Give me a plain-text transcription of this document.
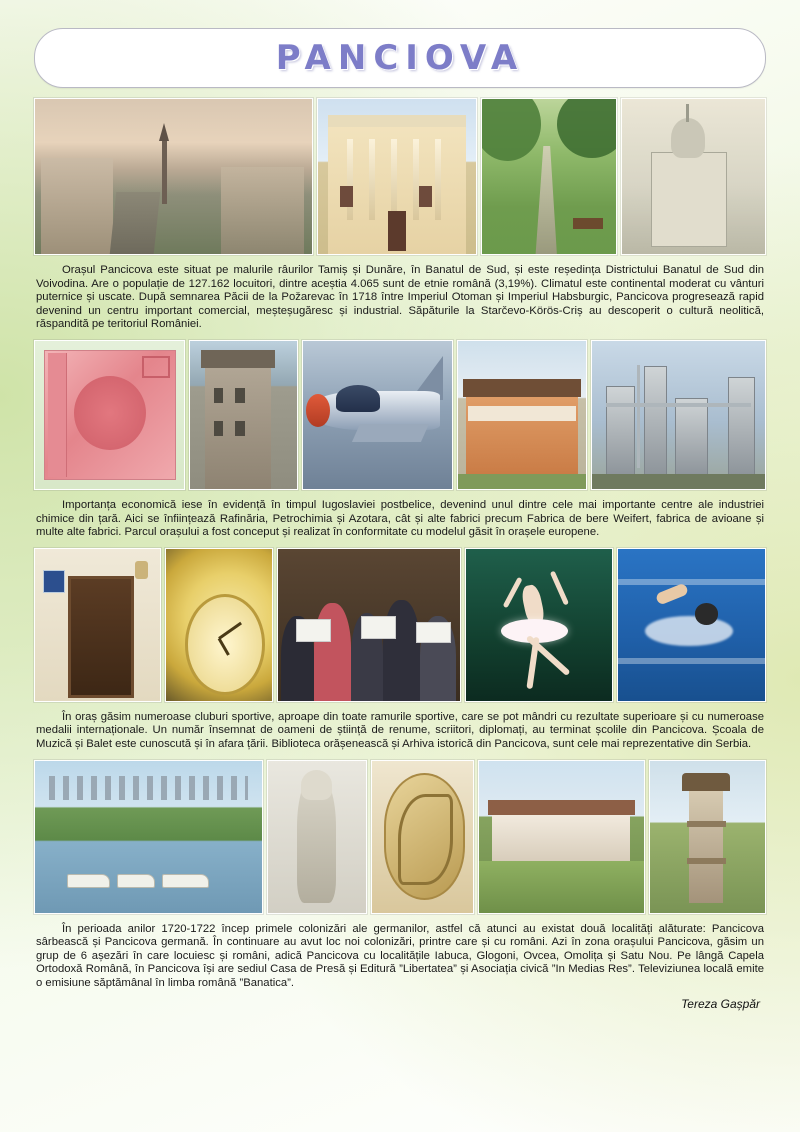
PANCIOVA

Orașul Pancicova este situat pe malurile râurilor Tamiș și Dunăre, în Banatul de Sud, și este reședința Districtului Banatul de Sud din Voivodina. Are o populație de 127.162 locuitori, dintre aceștia 4.065 sunt de etnie română (3,19%). Climatul este continental moderat cu vânturi puternice și uscate. După semnarea Păcii de la Požarevac în 1718 între Imperiul Otoman și Imperiul Habsburgic, Pancicova progresează rapid devenind un centru important comercial, meșteșugăresc și industrial. Săpăturile la Starčevo-Körös-Criș au descoperit o cultură neolitică, răspandită pe teritoriul României.

Importanța economică iese în evidență în timpul Iugoslaviei postbelice, devenind unul dintre cele mai importante centre ale industriei chimice din țară. Aici se înființează Rafinăria, Petrochimia și Azotara, cât și alte fabrici precum Fabrica de bere Weifert, fabrica de avioane și multe alte fabrici. Parcul orașului a fost conceput și realizat în conformitate cu modelul găsit în orașele europene.

În oraș găsim numeroase cluburi sportive, aproape din toate ramurile sportive, care se pot mândri cu rezultate superioare și cu numeroase medalii internaționale. Un număr însemnat de oameni de știință de renume, scriitori, diplomați, au terminat școlile din Pancicova. Școala de Muzică și Balet este cunoscută și în afara țării. Biblioteca orășenească și Arhiva istorică din Pancicova, sunt cele mai reprezentative din Serbia.

În perioada anilor 1720-1722 încep primele colonizări ale germanilor, astfel că atunci au existat două localități alăturate: Pancicova sârbească și Pancicova germană. În continuare au avut loc noi colonizări, printre care și cu români. Azi în zona orașului Pancicova, găsim un grup de 6 așezări în care locuiesc și români, adică Pancicova cu localitățile Iabuca, Glogoni, Ovcea, Omolița și Satu Nou. Pe lângă Capela Ortodoxă Română, în Pancicova își are sediul Casa de Presă și Editură ”Libertatea” și Asociația civică ”In Medias Res”. Televiziunea locală emite o emisiune săptămânal în limba română ”Banatica”.

Tereza Gașpăr
